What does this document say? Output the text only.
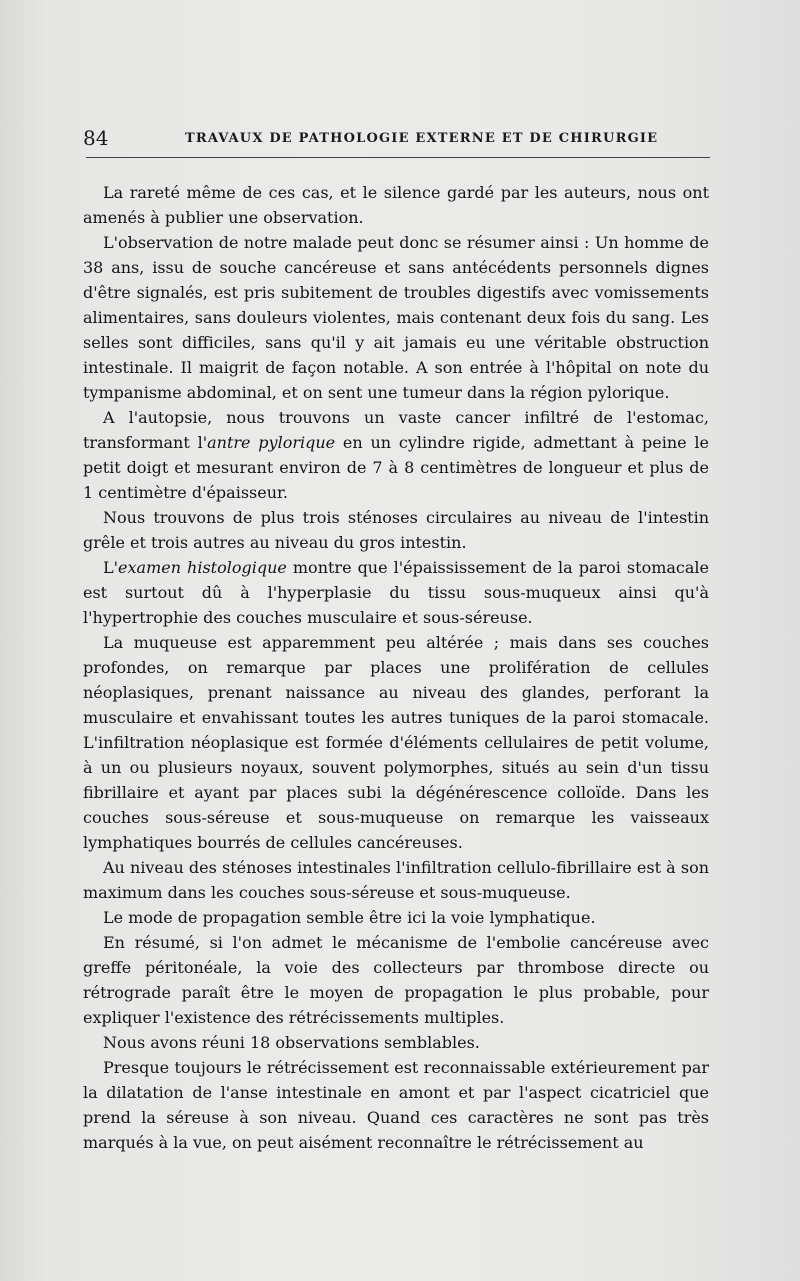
84	TRAVAUX DE PATHOLOGIE EXTERNE ET DE CHIRURGIE

La rareté même de ces cas, et le silence gardé par les auteurs, nous ont amenés à publier une observation.

L'observation de notre malade peut donc se résumer ainsi : Un homme de 38 ans, issu de souche cancéreuse et sans antécédents personnels dignes d'être signalés, est pris subitement de troubles digestifs avec vomissements alimentaires, sans douleurs violentes, mais contenant deux fois du sang. Les selles sont difficiles, sans qu'il y ait jamais eu une véritable obstruction intestinale. Il maigrit de façon notable. A son entrée à l'hôpital on note du tympanisme abdominal, et on sent une tumeur dans la région pylorique.

A l'autopsie, nous trouvons un vaste cancer infiltré de l'estomac, transformant l'antre pylorique en un cylindre rigide, admettant à peine le petit doigt et mesurant environ de 7 à 8 centimètres de longueur et plus de 1 centimètre d'épaisseur.

Nous trouvons de plus trois sténoses circulaires au niveau de l'intestin grêle et trois autres au niveau du gros intestin.

L'examen histologique montre que l'épaississement de la paroi stomacale est surtout dû à l'hyperplasie du tissu sous-muqueux ainsi qu'à l'hypertrophie des couches musculaire et sous-séreuse.

La muqueuse est apparemment peu altérée ; mais dans ses couches profondes, on remarque par places une prolifération de cellules néoplasiques, prenant naissance au niveau des glandes, perforant la musculaire et envahissant toutes les autres tuniques de la paroi stomacale. L'infiltration néoplasique est formée d'éléments cellulaires de petit volume, à un ou plusieurs noyaux, souvent polymorphes, situés au sein d'un tissu fibrillaire et ayant par places subi la dégénérescence colloïde. Dans les couches sous-séreuse et sous-muqueuse on remarque les vaisseaux lymphatiques bourrés de cellules cancéreuses.

Au niveau des sténoses intestinales l'infiltration cellulo-fibrillaire est à son maximum dans les couches sous-séreuse et sous-muqueuse.

Le mode de propagation semble être ici la voie lymphatique.

En résumé, si l'on admet le mécanisme de l'embolie cancéreuse avec greffe péritonéale, la voie des collecteurs par thrombose directe ou rétrograde paraît être le moyen de propagation le plus probable, pour expliquer l'existence des rétrécissements multiples.

Nous avons réuni 18 observations semblables.

Presque toujours le rétrécissement est reconnaissable extérieurement par la dilatation de l'anse intestinale en amont et par l'aspect cicatriciel que prend la séreuse à son niveau. Quand ces caractères ne sont pas très marqués à la vue, on peut aisément reconnaître le rétrécissement au
